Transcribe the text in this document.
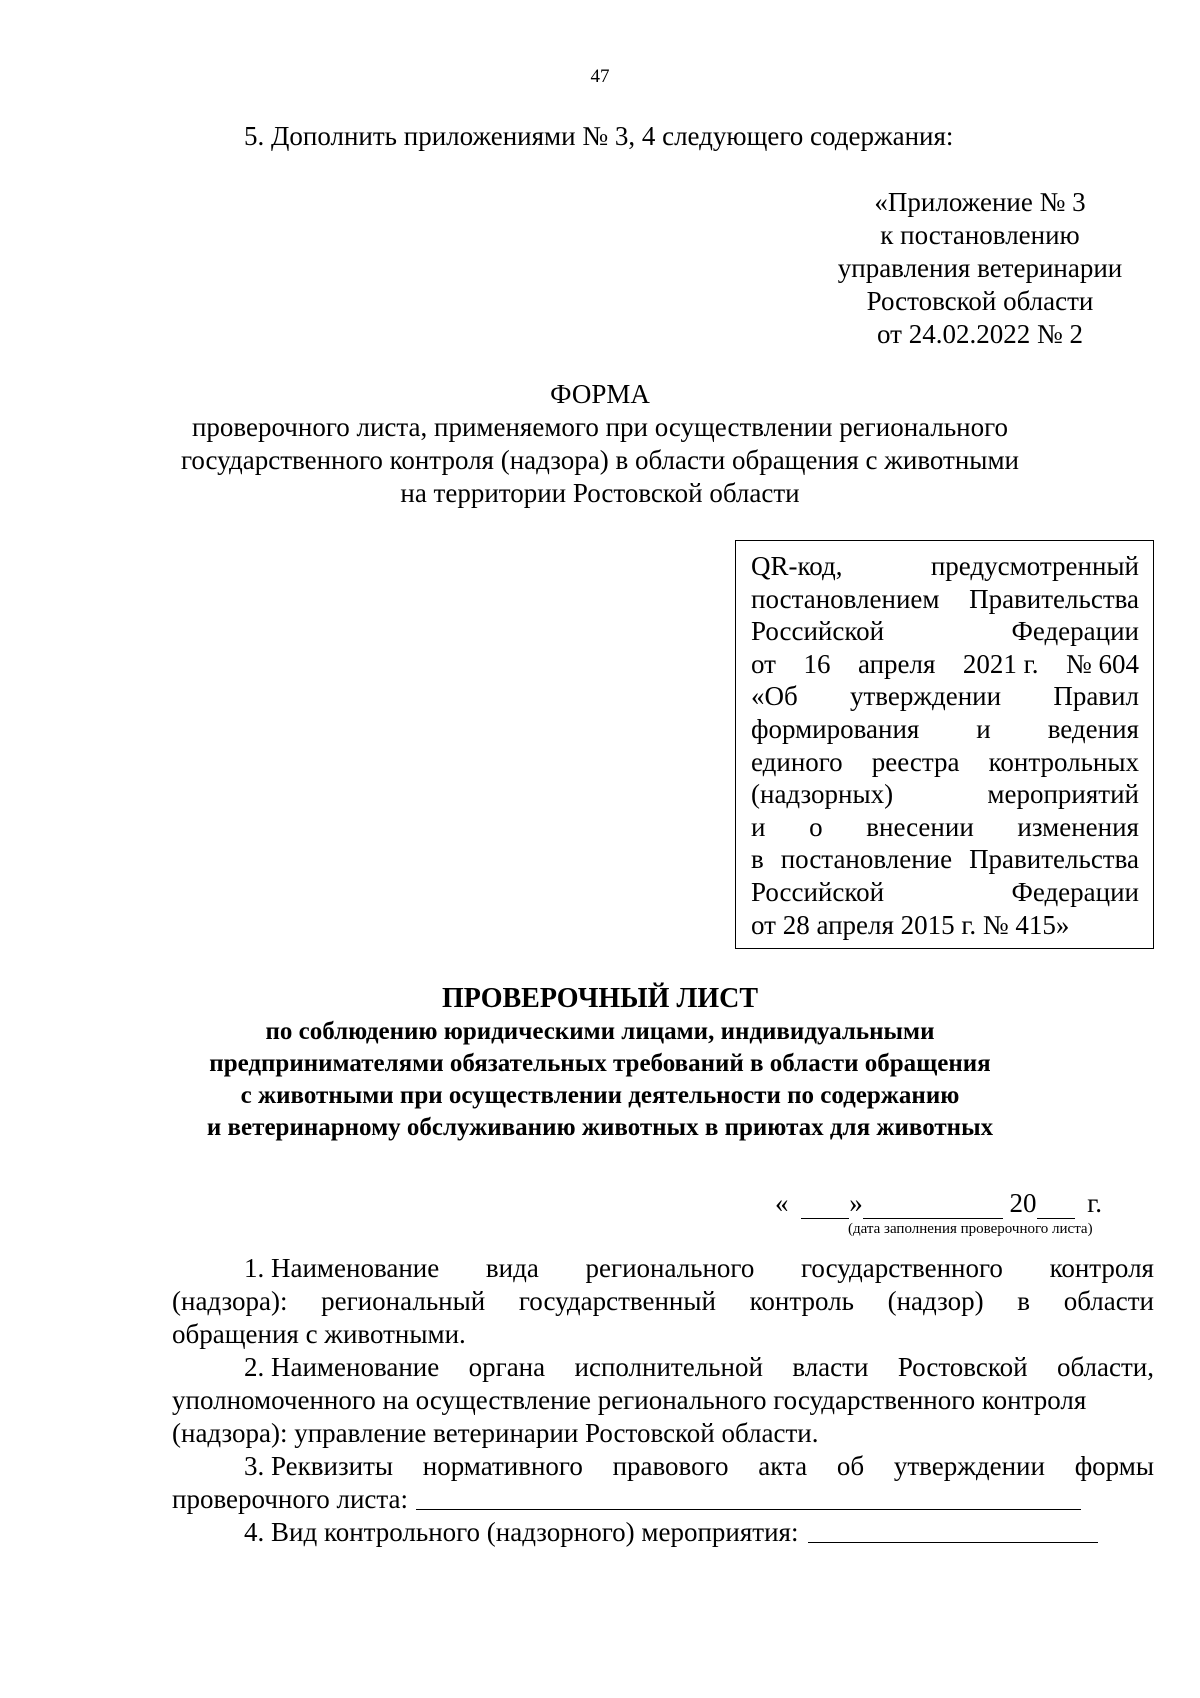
47
5. Дополнить приложениями № 3, 4 следующего содержания:
«Приложение № 3
к постановлению
управления ветеринарии
Ростовской области
от 24.02.2022 № 2
ФОРМА
проверочного листа, применяемого при осуществлении регионального
государственного контроля (надзора) в области обращения с животными
на территории Ростовской области
QR-код,	предусмотренный
постановлением Правительства
Российской	Федерации
от 16 апреля 2021 г. № 604
«Об утверждении Правил
формирования и ведения
единого реестра контрольных
(надзорных)	мероприятий
и о внесении изменения
в постановление Правительства
Российской	Федерации
от 28 апреля 2015 г. № 415»
ПРОВЕРОЧНЫЙ ЛИСТ
по соблюдению юридическими лицами, индивидуальными
предпринимателями обязательных требований в области обращения
с животными при осуществлении деятельности по содержанию
и ветеринарному обслуживанию животных в приютах для животных
« »	20 г.
(дата заполнения проверочного листа)
1. Наименование вида регионального государственного контроля
(надзора): региональный государственный контроль (надзор) в области
обращения с животными.
2. Наименование органа исполнительной власти Ростовской области,
уполномоченного на осуществление регионального государственного контроля
(надзора): управление ветеринарии Ростовской области.
3. Реквизиты нормативного правового акта об утверждении формы
проверочного листа:
4. Вид контрольного (надзорного) мероприятия:
